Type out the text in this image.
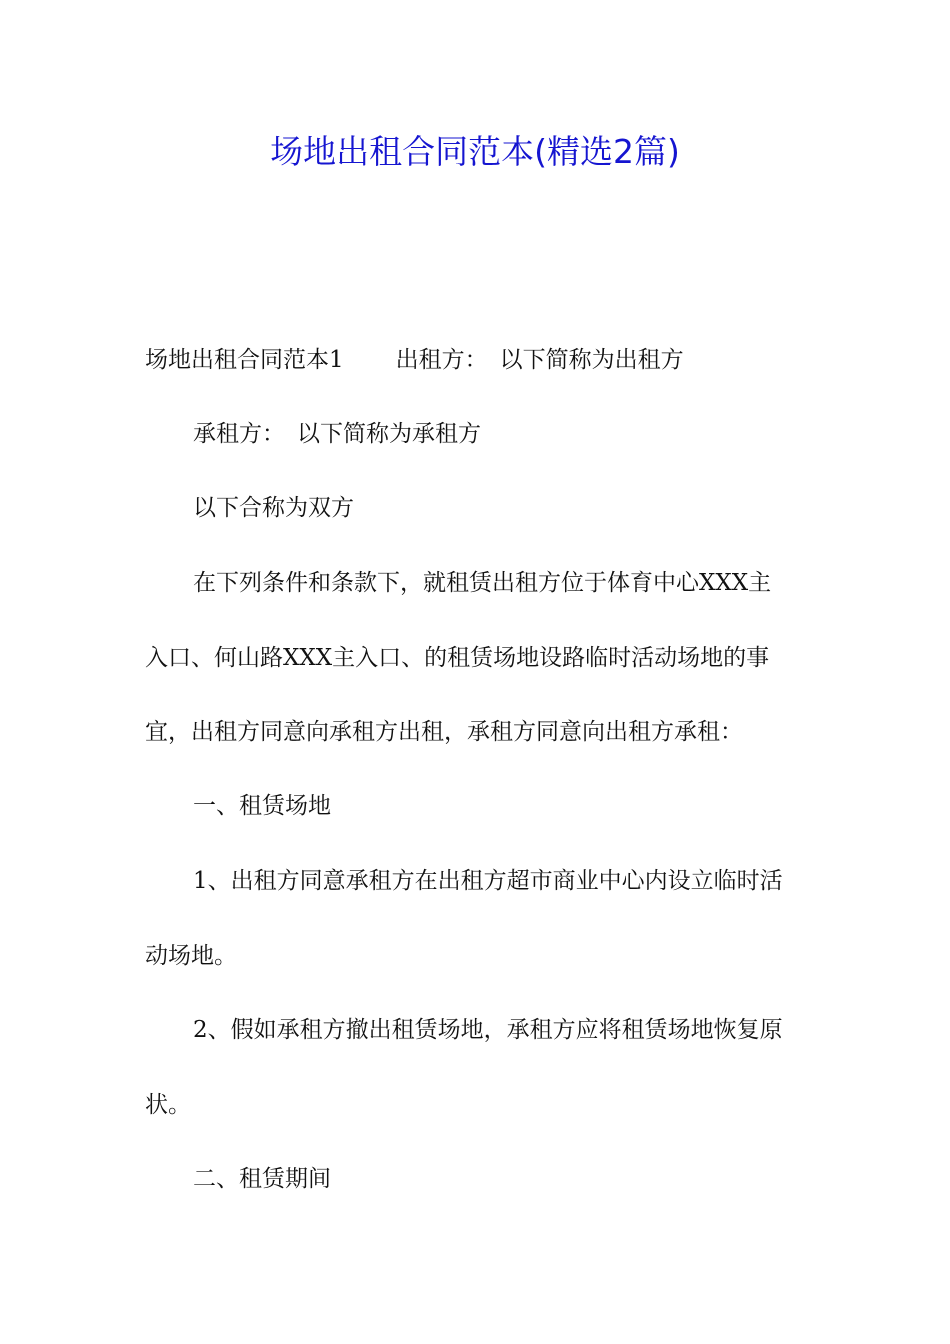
场地出租合同范本(精选2篇)

场地出租合同范本1 出租方： 以下简称为出租方

承租方： 以下简称为承租方

以下合称为双方

在下列条件和条款下，就租赁出租方位于体育中心XXX主

入口、何山路XXX主入口、的租赁场地设路临时活动场地的事

宜，出租方同意向承租方出租，承租方同意向出租方承租：

一、租赁场地

1、出租方同意承租方在出租方超市商业中心内设立临时活

动场地。

2、假如承租方撤出租赁场地，承租方应将租赁场地恢复原

状。

二、租赁期间
